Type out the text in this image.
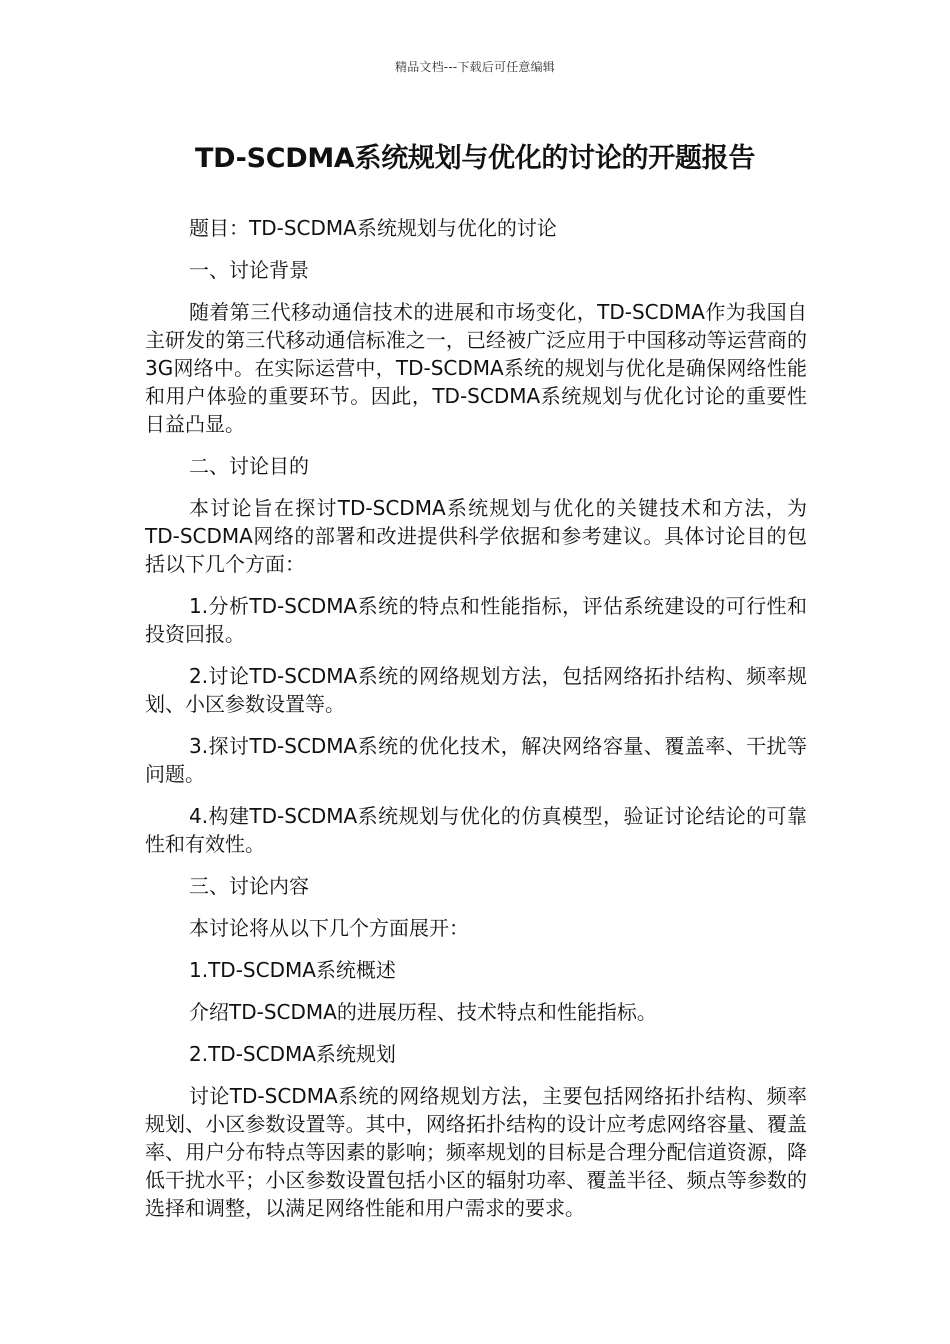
精品文档---下载后可任意编辑
TD-SCDMA系统规划与优化的讨论的开题报告

题目：TD-SCDMA系统规划与优化的讨论

一、讨论背景

随着第三代移动通信技术的进展和市场变化，TD-SCDMA作为我国自主研发的第三代移动通信标准之一，已经被广泛应用于中国移动等运营商的3G网络中。在实际运营中，TD-SCDMA系统的规划与优化是确保网络性能和用户体验的重要环节。因此，TD-SCDMA系统规划与优化讨论的重要性日益凸显。

二、讨论目的

本讨论旨在探讨TD-SCDMA系统规划与优化的关键技术和方法，为TD-SCDMA网络的部署和改进提供科学依据和参考建议。具体讨论目的包括以下几个方面：

1.分析TD-SCDMA系统的特点和性能指标，评估系统建设的可行性和投资回报。

2.讨论TD-SCDMA系统的网络规划方法，包括网络拓扑结构、频率规划、小区参数设置等。

3.探讨TD-SCDMA系统的优化技术，解决网络容量、覆盖率、干扰等问题。

4.构建TD-SCDMA系统规划与优化的仿真模型，验证讨论结论的可靠性和有效性。

三、讨论内容

本讨论将从以下几个方面展开：

1.TD-SCDMA系统概述

介绍TD-SCDMA的进展历程、技术特点和性能指标。

2.TD-SCDMA系统规划

讨论TD-SCDMA系统的网络规划方法，主要包括网络拓扑结构、频率规划、小区参数设置等。其中，网络拓扑结构的设计应考虑网络容量、覆盖率、用户分布特点等因素的影响；频率规划的目标是合理分配信道资源，降低干扰水平；小区参数设置包括小区的辐射功率、覆盖半径、频点等参数的选择和调整，以满足网络性能和用户需求的要求。
